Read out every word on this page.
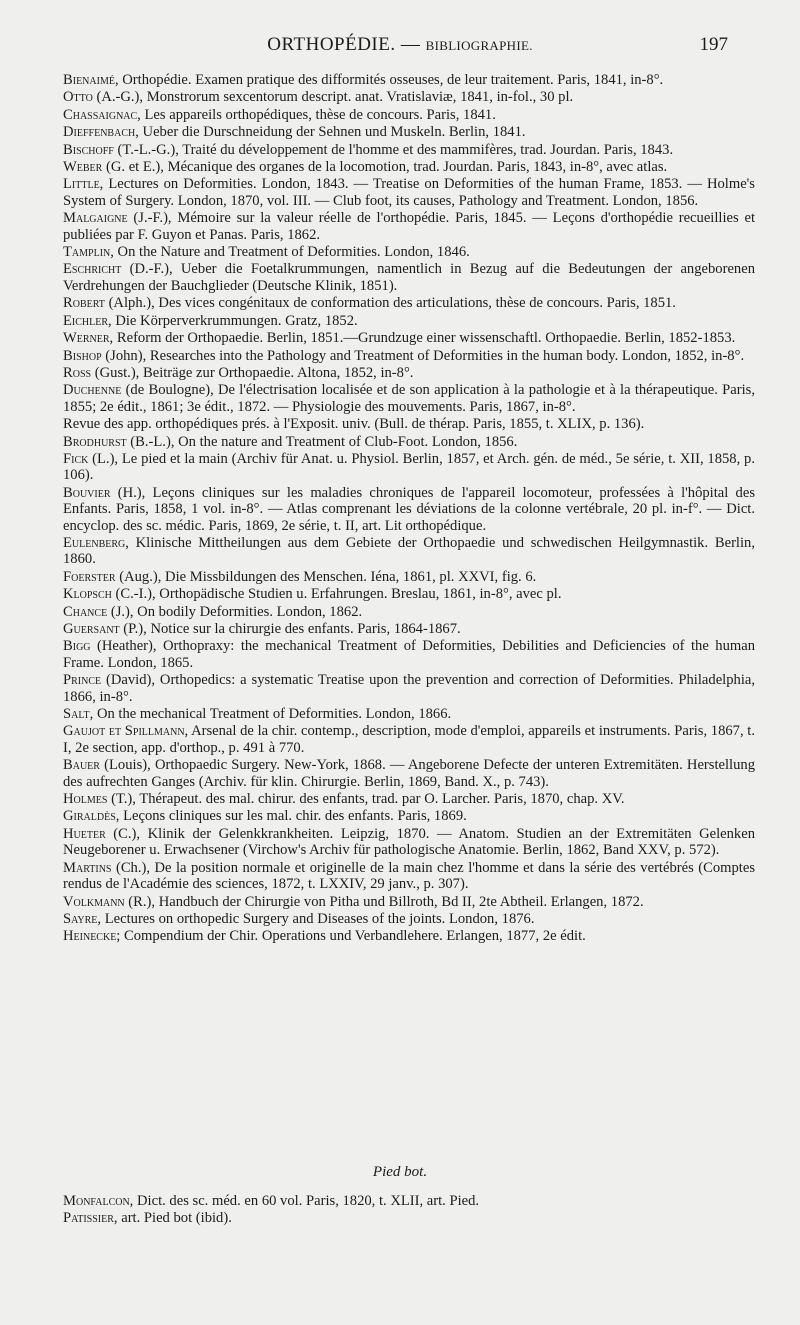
ORTHOPÉDIE. — BIBLIOGRAPHIE.	197
Bienaimé, Orthopédie. Examen pratique des difformités osseuses, de leur traitement. Paris, 1841, in-8°.
Otto (A.-G.), Monstrorum sexcentorum descript. anat. Vratislaviæ, 1841, in-fol., 30 pl.
Chassaignac, Les appareils orthopédiques, thèse de concours. Paris, 1841.
Dieffenbach, Ueber die Durschneidung der Sehnen und Muskeln. Berlin, 1841.
Bischoff (T.-L.-G.), Traité du développement de l'homme et des mammifères, trad. Jourdan. Paris, 1843.
Weber (G. et E.), Mécanique des organes de la locomotion, trad. Jourdan. Paris, 1843, in-8°, avec atlas.
Little, Lectures on Deformities. London, 1843. — Treatise on Deformities of the human Frame, 1853. — Holme's System of Surgery. London, 1870, vol. III. — Club foot, its causes, Pathology and Treatment. London, 1856.
Malgaigne (J.-F.), Mémoire sur la valeur réelle de l'orthopédie. Paris, 1845. — Leçons d'orthopédie recueillies et publiées par F. Guyon et Panas. Paris, 1862.
Tamplin, On the Nature and Treatment of Deformities. London, 1846.
Eschricht (D.-F.), Ueber die Foetalkrummungen, namentlich in Bezug auf die Bedeutungen der angeborenen Verdrehungen der Bauchglieder (Deutsche Klinik, 1851).
Robert (Alph.), Des vices congénitaux de conformation des articulations, thèse de concours. Paris, 1851.
Eichler, Die Körperverkrummungen. Gratz, 1852.
Werner, Reform der Orthopaedie. Berlin, 1851.—Grundzuge einer wissenschaftl. Orthopaedie. Berlin, 1852-1853.
Bishop (John), Researches into the Pathology and Treatment of Deformities in the human body. London, 1852, in-8°.
Ross (Gust.), Beiträge zur Orthopaedie. Altona, 1852, in-8°.
Duchenne (de Boulogne), De l'électrisation localisée et de son application à la pathologie et à la thérapeutique. Paris, 1855; 2e édit., 1861; 3e édit., 1872. — Physiologie des mouvements. Paris, 1867, in-8°.
Revue des app. orthopédiques prés. à l'Exposit. univ. (Bull. de thérap. Paris, 1855, t. XLIX, p. 136).
Brodhurst (B.-L.), On the nature and Treatment of Club-Foot. London, 1856.
Fick (L.), Le pied et la main (Archiv für Anat. u. Physiol. Berlin, 1857, et Arch. gén. de méd., 5e série, t. XII, 1858, p. 106).
Bouvier (H.), Leçons cliniques sur les maladies chroniques de l'appareil locomoteur, professées à l'hôpital des Enfants. Paris, 1858, 1 vol. in-8°. — Atlas comprenant les déviations de la colonne vertébrale, 20 pl. in-f°. — Dict. encyclop. des sc. médic. Paris, 1869, 2e série, t. II, art. Lit orthopédique.
Eulenberg, Klinische Mittheilungen aus dem Gebiete der Orthopaedie und schwedischen Heilgymnastik. Berlin, 1860.
Foerster (Aug.), Die Missbildungen des Menschen. Iéna, 1861, pl. XXVI, fig. 6.
Klopsch (C.-I.), Orthopädische Studien u. Erfahrungen. Breslau, 1861, in-8°, avec pl.
Chance (J.), On bodily Deformities. London, 1862.
Guersant (P.), Notice sur la chirurgie des enfants. Paris, 1864-1867.
Bigg (Heather), Orthopraxy: the mechanical Treatment of Deformities, Debilities and Deficiencies of the human Frame. London, 1865.
Prince (David), Orthopedics: a systematic Treatise upon the prevention and correction of Deformities. Philadelphia, 1866, in-8°.
Salt, On the mechanical Treatment of Deformities. London, 1866.
Gaujot et Spillmann, Arsenal de la chir. contemp., description, mode d'emploi, appareils et instruments. Paris, 1867, t. I, 2e section, app. d'orthop., p. 491 à 770.
Bauer (Louis), Orthopaedic Surgery. New-York, 1868. — Angeborene Defecte der unteren Extremitäten. Herstellung des aufrechten Ganges (Archiv. für klin. Chirurgie. Berlin, 1869, Band. X., p. 743).
Holmes (T.), Thérapeut. des mal. chirur. des enfants, trad. par O. Larcher. Paris, 1870, chap. XV.
Giraldès, Leçons cliniques sur les mal. chir. des enfants. Paris, 1869.
Hueter (C.), Klinik der Gelenkkrankheiten. Leipzig, 1870. — Anatom. Studien an der Extremitäten Gelenken Neugeborener u. Erwachsener (Virchow's Archiv für pathologische Anatomie. Berlin, 1862, Band XXV, p. 572).
Martins (Ch.), De la position normale et originelle de la main chez l'homme et dans la série des vertébrés (Comptes rendus de l'Académie des sciences, 1872, t. LXXIV, 29 janv., p. 307).
Volkmann (R.), Handbuch der Chirurgie von Pitha und Billroth, Bd II, 2te Abtheil. Erlangen, 1872.
Sayre, Lectures on orthopedic Surgery and Diseases of the joints. London, 1876.
Heinecke; Compendium der Chir. Operations und Verbandlehere. Erlangen, 1877, 2e édit.
Pied bot.
Monfalcon, Dict. des sc. méd. en 60 vol. Paris, 1820, t. XLII, art. Pied.
Patissier, art. Pied bot (ibid).
